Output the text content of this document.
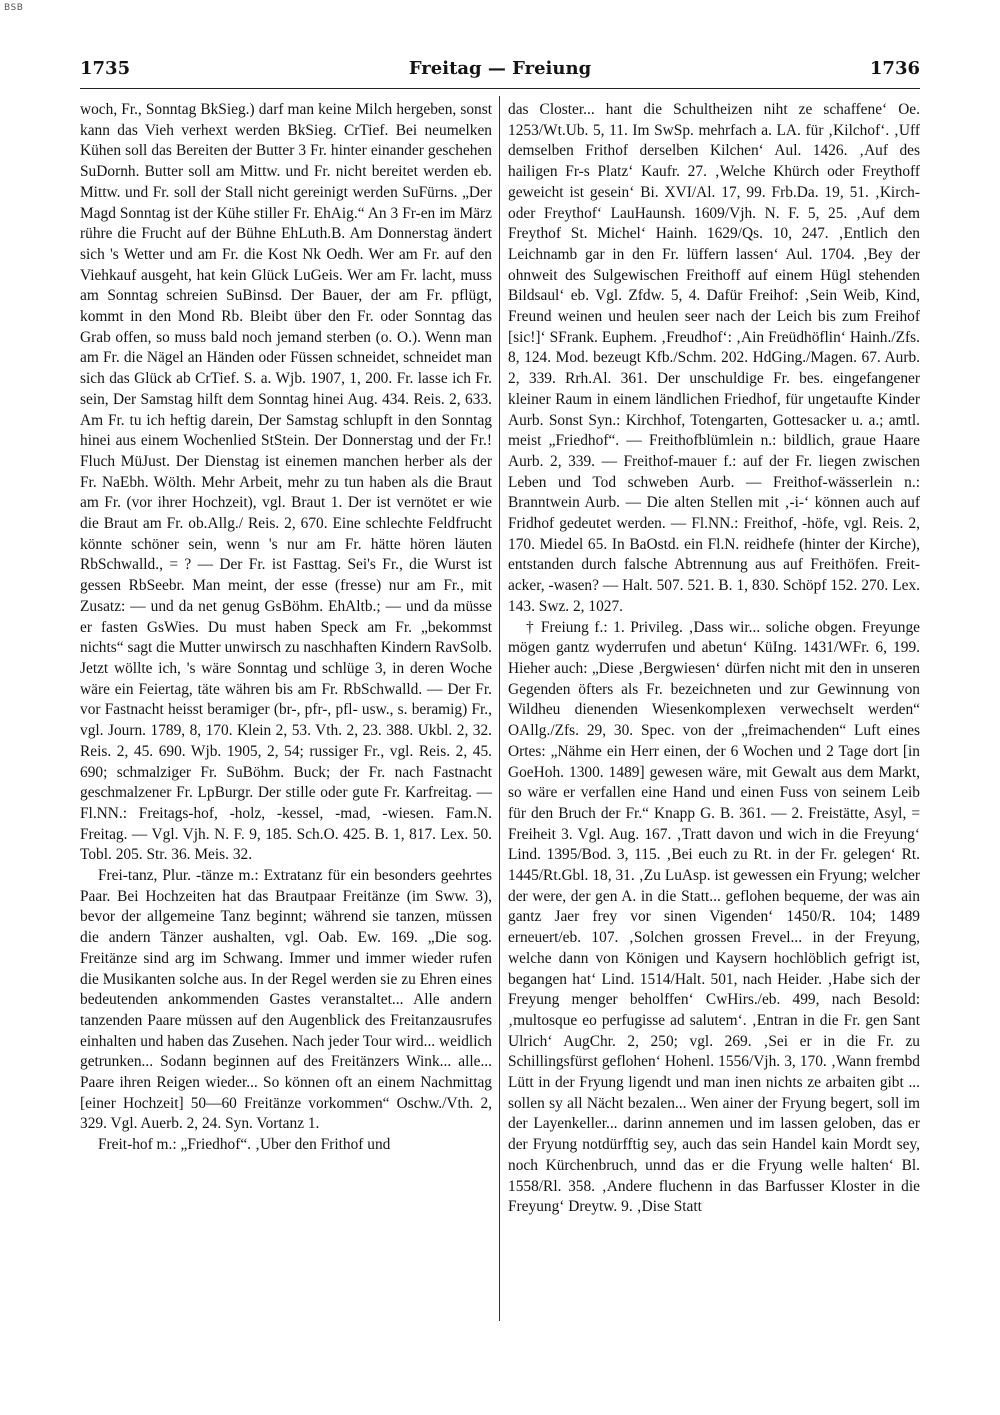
BSB
1735	Freitag — Freiung	1736

woch, Fr., Sonntag BkSieg.) darf man keine Milch hergeben, sonst kann das Vieh verhext werden BkSieg. CrTief. Bei neumelken Kühen soll das Bereiten der Butter 3 Fr. hinter einander geschehen SuDornh. Butter soll am Mittw. und Fr. nicht bereitet werden eb. Mittw. und Fr. soll der Stall nicht gereinigt werden SuFürns. „Der Magd Sonntag ist der Kühe stiller Fr. EhAig.“ An 3 Fr-en im März rühre die Frucht auf der Bühne EhLuth.B. Am Donnerstag ändert sich 's Wetter und am Fr. die Kost Nk Oedh. Wer am Fr. auf den Viehkauf ausgeht, hat kein Glück LuGeis. Wer am Fr. lacht, muss am Sonntag schreien SuBinsd. Der Bauer, der am Fr. pflügt, kommt in den Mond Rb. Bleibt über den Fr. oder Sonntag das Grab offen, so muss bald noch jemand sterben (o. O.). Wenn man am Fr. die Nägel an Händen oder Füssen schneidet, schneidet man sich das Glück ab CrTief. S. a. Wjb. 1907, 1, 200. Fr. lasse ich Fr. sein, Der Samstag hilft dem Sonntag hinei Aug. 434. Reis. 2, 633. Am Fr. tu ich heftig darein, Der Samstag schlupft in den Sonntag hinei aus einem Wochenlied StStein. Der Donnerstag und der Fr.! Fluch MüJust. Der Dienstag ist einemen manchen herber als der Fr. NaEbh. Wölth. Mehr Arbeit, mehr zu tun haben als die Braut am Fr. (vor ihrer Hochzeit), vgl. Braut 1. Der ist vernötet er wie die Braut am Fr. ob.Allg./ Reis. 2, 670. Eine schlechte Feldfrucht könnte schöner sein, wenn 's nur am Fr. hätte hören läuten RbSchwalld., = ? — Der Fr. ist Fasttag. Sei's Fr., die Wurst ist gessen RbSeebr. Man meint, der esse (fresse) nur am Fr., mit Zusatz: — und da net genug GsBöhm. EhAltb.; — und da müsse er fasten GsWies. Du must haben Speck am Fr. „bekommst nichts“ sagt die Mutter unwirsch zu naschhaften Kindern RavSolb. Jetzt wöllte ich, 's wäre Sonntag und schlüge 3, in deren Woche wäre ein Feiertag, täte währen bis am Fr. RbSchwalld. — Der Fr. vor Fastnacht heisst beramiger (br-, pfr-, pfl- usw., s. beramig) Fr., vgl. Journ. 1789, 8, 170. Klein 2, 53. Vth. 2, 23. 388. Ukbl. 2, 32. Reis. 2, 45. 690. Wjb. 1905, 2, 54; russiger Fr., vgl. Reis. 2, 45. 690; schmalziger Fr. SuBöhm. Buck; der Fr. nach Fastnacht geschmalzener Fr. LpBurgr. Der stille oder gute Fr. Karfreitag. — Fl.NN.: Freitags-hof, -holz, -kessel, -mad, -wiesen. Fam.N. Freitag. — Vgl. Vjh. N. F. 9, 185. Sch.O. 425. B. 1, 817. Lex. 50. Tobl. 205. Str. 36. Meis. 32.

Frei-tanz, Plur. -tänze m.: Extratanz für ein besonders geehrtes Paar. Bei Hochzeiten hat das Brautpaar Freitänze (im Sww. 3), bevor der allgemeine Tanz beginnt; während sie tanzen, müssen die andern Tänzer aushalten, vgl. Oab. Ew. 169. „Die sog. Freitänze sind arg im Schwang. Immer und immer wieder rufen die Musikanten solche aus. In der Regel werden sie zu Ehren eines bedeutenden ankommenden Gastes veranstaltet... Alle andern tanzenden Paare müssen auf den Augenblick des Freitanzausrufes einhalten und haben das Zusehen. Nach jeder Tour wird... weidlich getrunken... Sodann beginnen auf des Freitänzers Wink... alle... Paare ihren Reigen wieder... So können oft an einem Nachmittag [einer Hochzeit] 50—60 Freitänze vorkommen“ Oschw./Vth. 2, 329. Vgl. Auerb. 2, 24. Syn. Vortanz 1.

Freit-hof m.: „Friedhof“. ‚Uber den Frithof und

das Closter... hant die Schultheizen niht ze schaffene‘ Oe. 1253/Wt.Ub. 5, 11. Im SwSp. mehrfach a. LA. für ‚Kilchof‘. ‚Uff demselben Frithof derselben Kilchen‘ Aul. 1426. ‚Auf des hailigen Fr-s Platz‘ Kaufr. 27. ‚Welche Khürch oder Freythoff geweicht ist gesein‘ Bi. XVI/Al. 17, 99. Frb.Da. 19, 51. ‚Kirch- oder Freythof‘ LauHaunsh. 1609/Vjh. N. F. 5, 25. ‚Auf dem Freythof St. Michel‘ Hainh. 1629/Qs. 10, 247. ‚Entlich den Leichnamb gar in den Fr. lüffern lassen‘ Aul. 1704. ‚Bey der ohnweit des Sulgewischen Freithoff auf einem Hügl stehenden Bildsaul‘ eb. Vgl. Zfdw. 5, 4. Dafür Freihof: ‚Sein Weib, Kind, Freund weinen und heulen seer nach der Leich bis zum Freihof [sic!]‘ SFrank. Euphem. ‚Freudhof‘: ‚Ain Freüdhöflin‘ Hainh./Zfs. 8, 124. Mod. bezeugt Kfb./Schm. 202. HdGing./Magen. 67. Aurb. 2, 339. Rrh.Al. 361. Der unschuldige Fr. bes. eingefangener kleiner Raum in einem ländlichen Friedhof, für ungetaufte Kinder Aurb. Sonst Syn.: Kirchhof, Totengarten, Gottesacker u. a.; amtl. meist „Friedhof“. — Freithofblümlein n.: bildlich, graue Haare Aurb. 2, 339. — Freithof-mauer f.: auf der Fr. liegen zwischen Leben und Tod schweben Aurb. — Freithof-wässerlein n.: Branntwein Aurb. — Die alten Stellen mit ‚-i-‘ können auch auf Fridhof gedeutet werden. — Fl.NN.: Freithof, -höfe, vgl. Reis. 2, 170. Miedel 65. In BaOstd. ein Fl.N. reidhefe (hinter der Kirche), entstanden durch falsche Abtrennung aus auf Freithöfen. Freit-acker, -wasen? — Halt. 507. 521. B. 1, 830. Schöpf 152. 270. Lex. 143. Swz. 2, 1027.

† Freiung f.: 1. Privileg. ‚Dass wir... soliche obgen. Freyunge mögen gantz wyderrufen und abetun‘ KüIng. 1431/WFr. 6, 199. Hieher auch: „Diese ‚Bergwiesen‘ dürfen nicht mit den in unseren Gegenden öfters als Fr. bezeichneten und zur Gewinnung von Wildheu dienenden Wiesenkomplexen verwechselt werden“ OAllg./Zfs. 29, 30. Spec. von der „freimachenden“ Luft eines Ortes: „Nähme ein Herr einen, der 6 Wochen und 2 Tage dort [in GoeHoh. 1300. 1489] gewesen wäre, mit Gewalt aus dem Markt, so wäre er verfallen eine Hand und einen Fuss von seinem Leib für den Bruch der Fr.“ Knapp G. B. 361. — 2. Freistätte, Asyl, = Freiheit 3. Vgl. Aug. 167. ‚Tratt davon und wich in die Freyung‘ Lind. 1395/Bod. 3, 115. ‚Bei euch zu Rt. in der Fr. gelegen‘ Rt. 1445/Rt.Gbl. 18, 31. ‚Zu LuAsp. ist gewessen ein Fryung; welcher der were, der gen A. in die Statt... geflohen bequeme, der was ain gantz Jaer frey vor sinen Vigenden‘ 1450/R. 104; 1489 erneuert/eb. 107. ‚Solchen grossen Frevel... in der Freyung, welche dann von Königen und Kaysern hochlöblich gefrigt ist, begangen hat‘ Lind. 1514/Halt. 501, nach Heider. ‚Habe sich der Freyung menger beholffen‘ CwHirs./eb. 499, nach Besold: ‚multosque eo perfugisse ad salutem‘. ‚Entran in die Fr. gen Sant Ulrich‘ AugChr. 2, 250; vgl. 269. ‚Sei er in die Fr. zu Schillingsfürst geflohen‘ Hohenl. 1556/Vjh. 3, 170. ‚Wann frembd Lütt in der Fryung ligendt und man inen nichts ze arbaiten gibt ... sollen sy all Nächt bezalen... Wen ainer der Fryung begert, soll im der Layenkeller... darinn annemen und im lassen geloben, das er der Fryung notdürfftig sey, auch das sein Handel kain Mordt sey, noch Kürchenbruch, unnd das er die Fryung welle halten‘ Bl. 1558/Rl. 358. ‚Andere fluchenn in das Barfusser Kloster in die Freyung‘ Dreytw. 9. ‚Dise Statt
